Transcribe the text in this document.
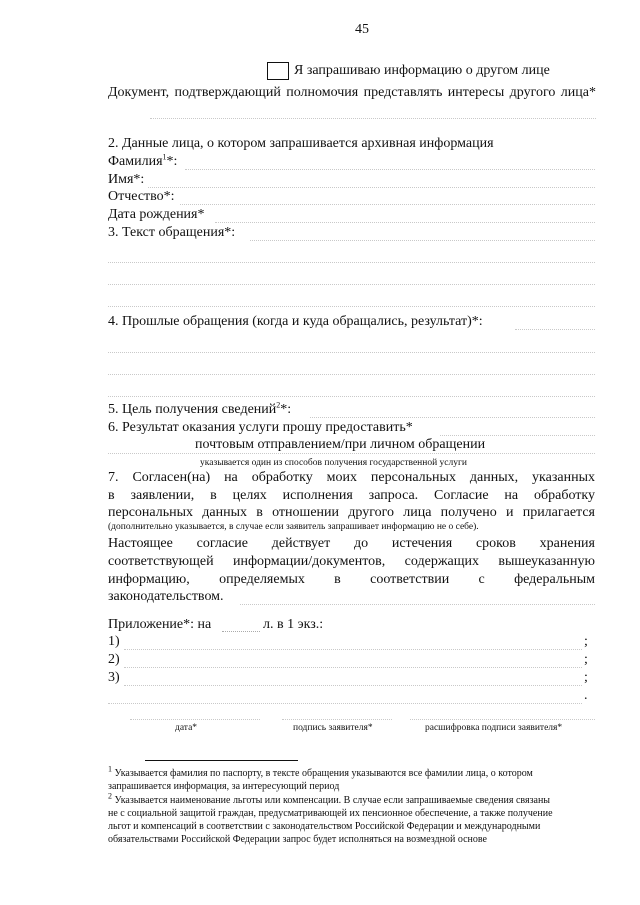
45
Я запрашиваю информацию о другом лице
Документ, подтверждающий полномочия представлять интересы другого лица*
2. Данные лица, о котором запрашивается архивная информация
Фамилия$^1$*:
Имя*:
Отчество*:
Дата рождения*
3. Текст обращения*:
4. Прошлые обращения (когда и куда обращались, результат)*:
5. Цель получения сведений$^2$*:
6. Результат оказания услуги прошу предоставить*
почтовым отправлением/при личном обращении
указывается один из способов получения государственной услуги
7. Согласен(на) на обработку моих персональных данных, указанных
в заявлении, в целях исполнения запроса. Согласие на обработку
персональных данных в отношении другого лица получено и прилагается
(дополнительно указывается, в случае если заявитель запрашивает информацию не о себе).
Настоящее согласие действует до истечения сроков хранения
соответствующей информации/документов, содержащих вышеуказанную
информацию, определяемых в соответствии с федеральным
законодательством.
Приложение*: на	л. в 1 экз.:
1)	;
2)	;
3)	;
.
дата*	подпись заявителя*	расшифровка подписи заявителя*
$^1$ Указывается фамилия по паспорту, в тексте обращения указываются все фамилии лица, о котором
запрашивается информация, за интересующий период
$^2$ Указывается наименование льготы или компенсации. В случае если запрашиваемые сведения связаны
не с социальной защитой граждан, предусматривающей их пенсионное обеспечение, а также получение
льгот и компенсаций в соответствии с законодательством Российской Федерации и международными
обязательствами Российской Федерации запрос будет исполняться на возмездной основе
